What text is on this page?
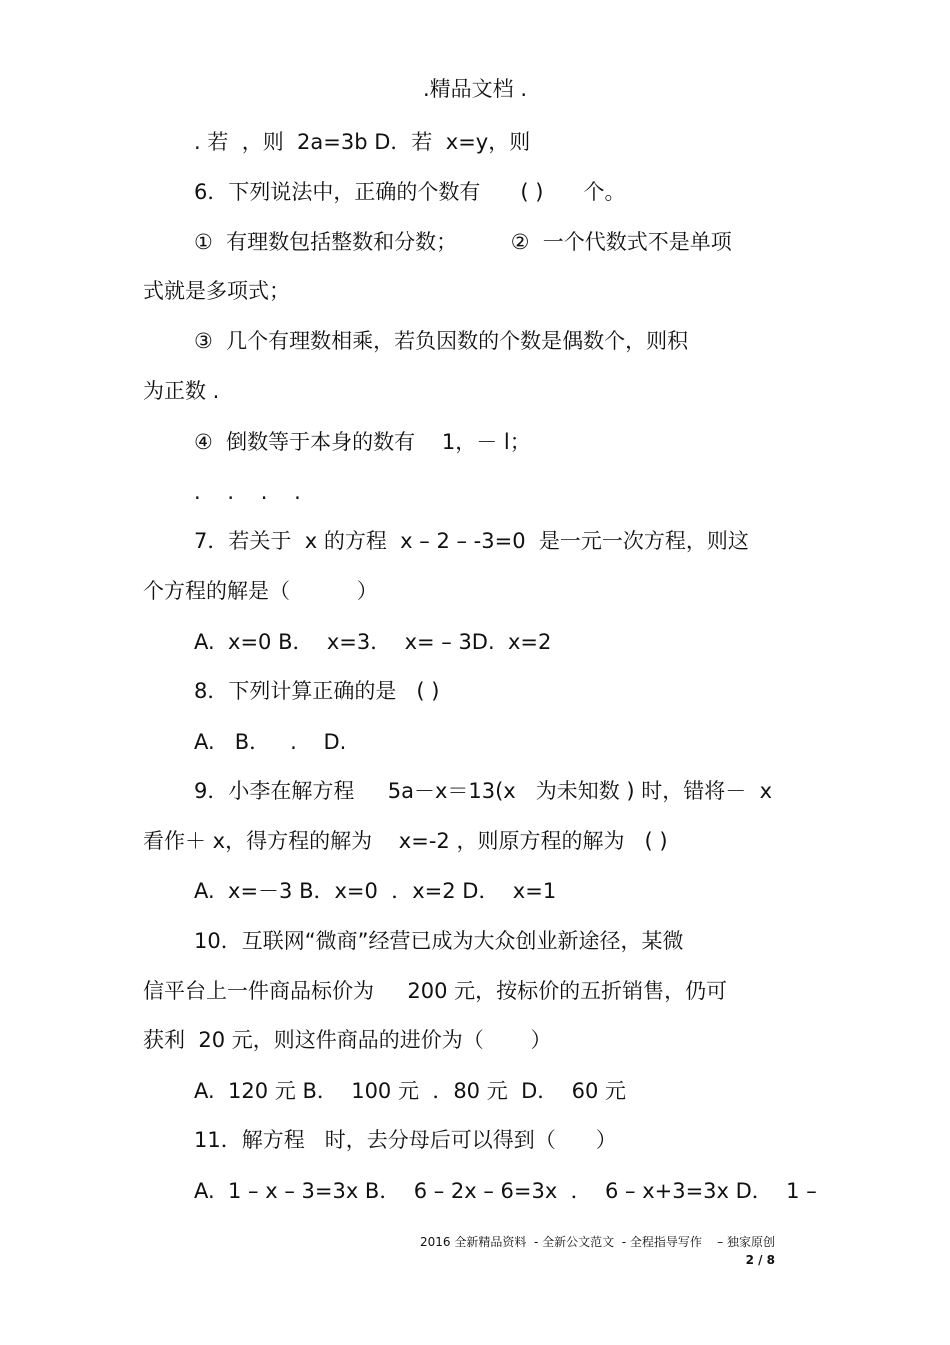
.精品文档 .
. 若  ，则  2a=3b D．若  x=y，则
6．下列说法中，正确的个数有      ( )      个。
①  有理数包括整数和分数；        ②  一个代数式不是单项
式就是多项式；
③  几个有理数相乘，若负因数的个数是偶数个，则积
为正数 .
④  倒数等于本身的数有    1，－ l；
.    .    .    .
7．若关于  x 的方程  x – 2 – -3=0  是一元一次方程，则这
个方程的解是（          ）
A.  x=0 B．  x=3．  x= – 3D.  x=2
8．下列计算正确的是   ( )
A.   B．   .    D.
9．小李在解方程     5a－x＝13(x   为未知数 ) 时，错将－  x
看作＋ x，得方程的解为    x=-2 ，则原方程的解为   ( )
A.  x=－3 B．x=0  ．x=2 D．  x=1
10．互联网“微商”经营已成为大众创业新途径，某微
信平台上一件商品标价为     200 元，按标价的五折销售，仍可
获利  20 元，则这件商品的进价为（       ）
A.  120 元 B．  100 元  ．80 元  D．  60 元
11．解方程   时，去分母后可以得到（      ）
A.  1 – x – 3=3x B．  6 – 2x – 6=3x  ．  6 – x+3=3x D．  1 –
2016 全新精品资料  - 全新公文范文  - 全程指导写作    – 独家原创
2 / 8
